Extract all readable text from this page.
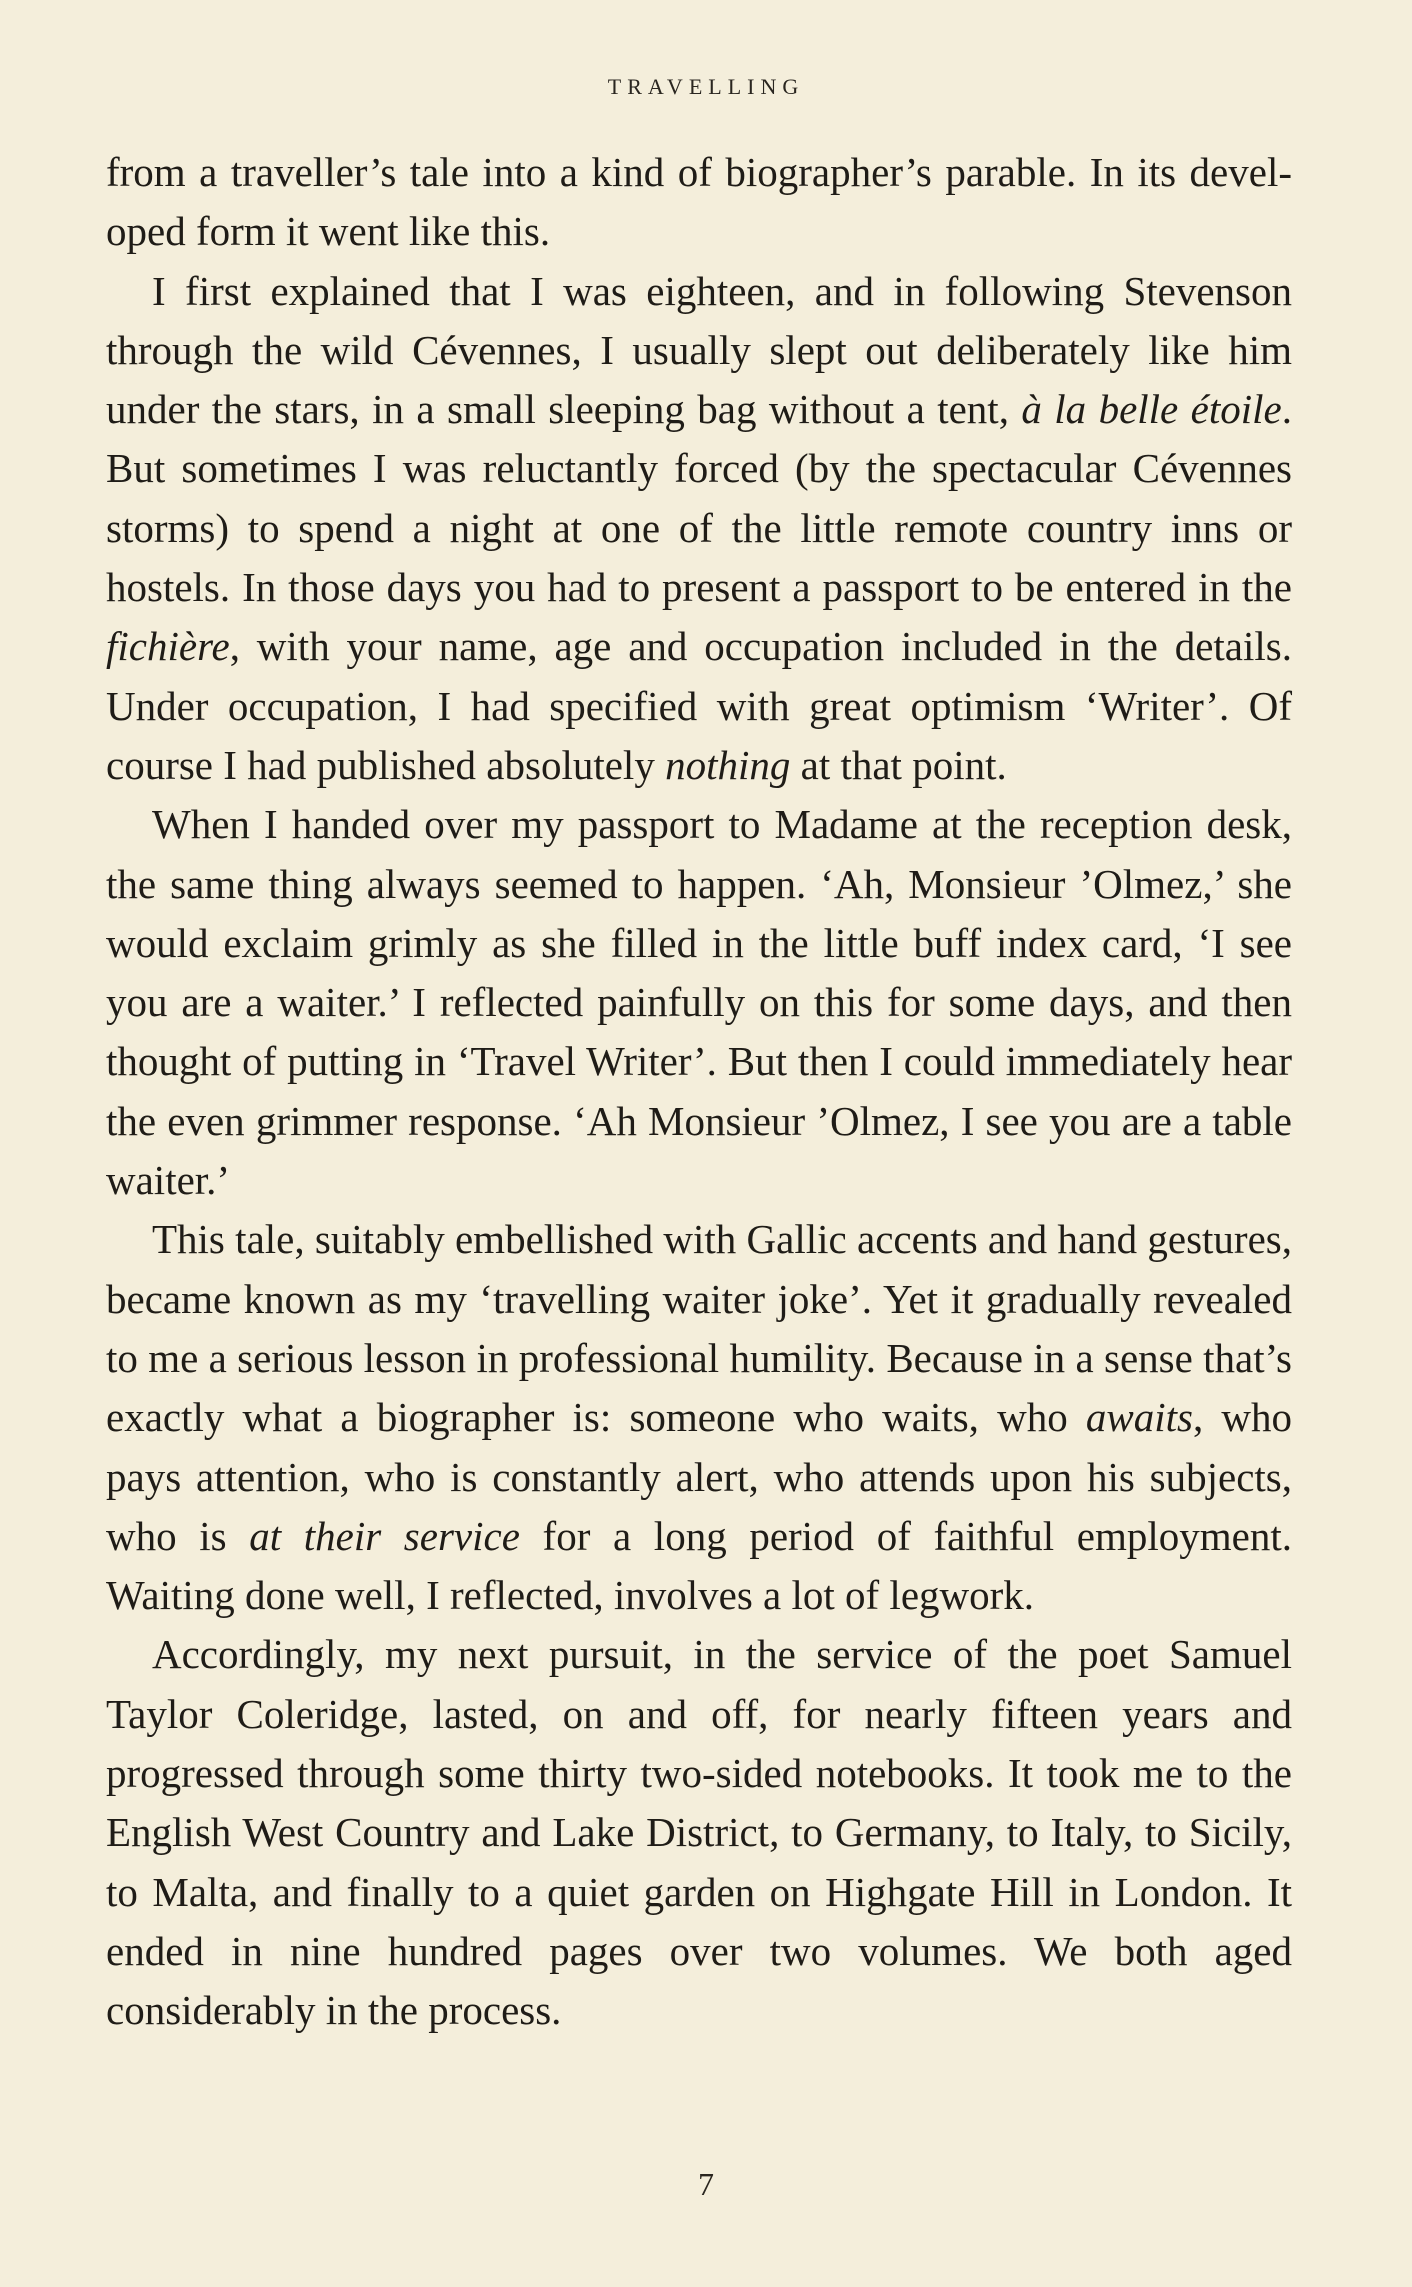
TRAVELLING

from a traveller’s tale into a kind of biographer’s parable. In its developed form it went like this.

I first explained that I was eighteen, and in following Stevenson through the wild Cévennes, I usually slept out deliberately like him under the stars, in a small sleeping bag without a tent, à la belle étoile. But sometimes I was reluctantly forced (by the spectacular Cévennes storms) to spend a night at one of the little remote country inns or hostels. In those days you had to present a passport to be entered in the fichière, with your name, age and occupation included in the details. Under occupation, I had specified with great optimism ‘Writer’. Of course I had published absolutely nothing at that point.

When I handed over my passport to Madame at the reception desk, the same thing always seemed to happen. ‘Ah, Monsieur ’Olmez,’ she would exclaim grimly as she filled in the little buff index card, ‘I see you are a waiter.’ I reflected painfully on this for some days, and then thought of putting in ‘Travel Writer’. But then I could immediately hear the even grimmer response. ‘Ah Monsieur ’Olmez, I see you are a table waiter.’

This tale, suitably embellished with Gallic accents and hand gestures, became known as my ‘travelling waiter joke’. Yet it gradually revealed to me a serious lesson in professional humility. Because in a sense that’s exactly what a biographer is: someone who waits, who awaits, who pays attention, who is constantly alert, who attends upon his subjects, who is at their service for a long period of faithful employment. Waiting done well, I reflected, involves a lot of legwork.

Accordingly, my next pursuit, in the service of the poet Samuel Taylor Coleridge, lasted, on and off, for nearly fifteen years and progressed through some thirty two-sided notebooks. It took me to the English West Country and Lake District, to Germany, to Italy, to Sicily, to Malta, and finally to a quiet garden on Highgate Hill in London. It ended in nine hundred pages over two volumes. We both aged considerably in the process.

7
